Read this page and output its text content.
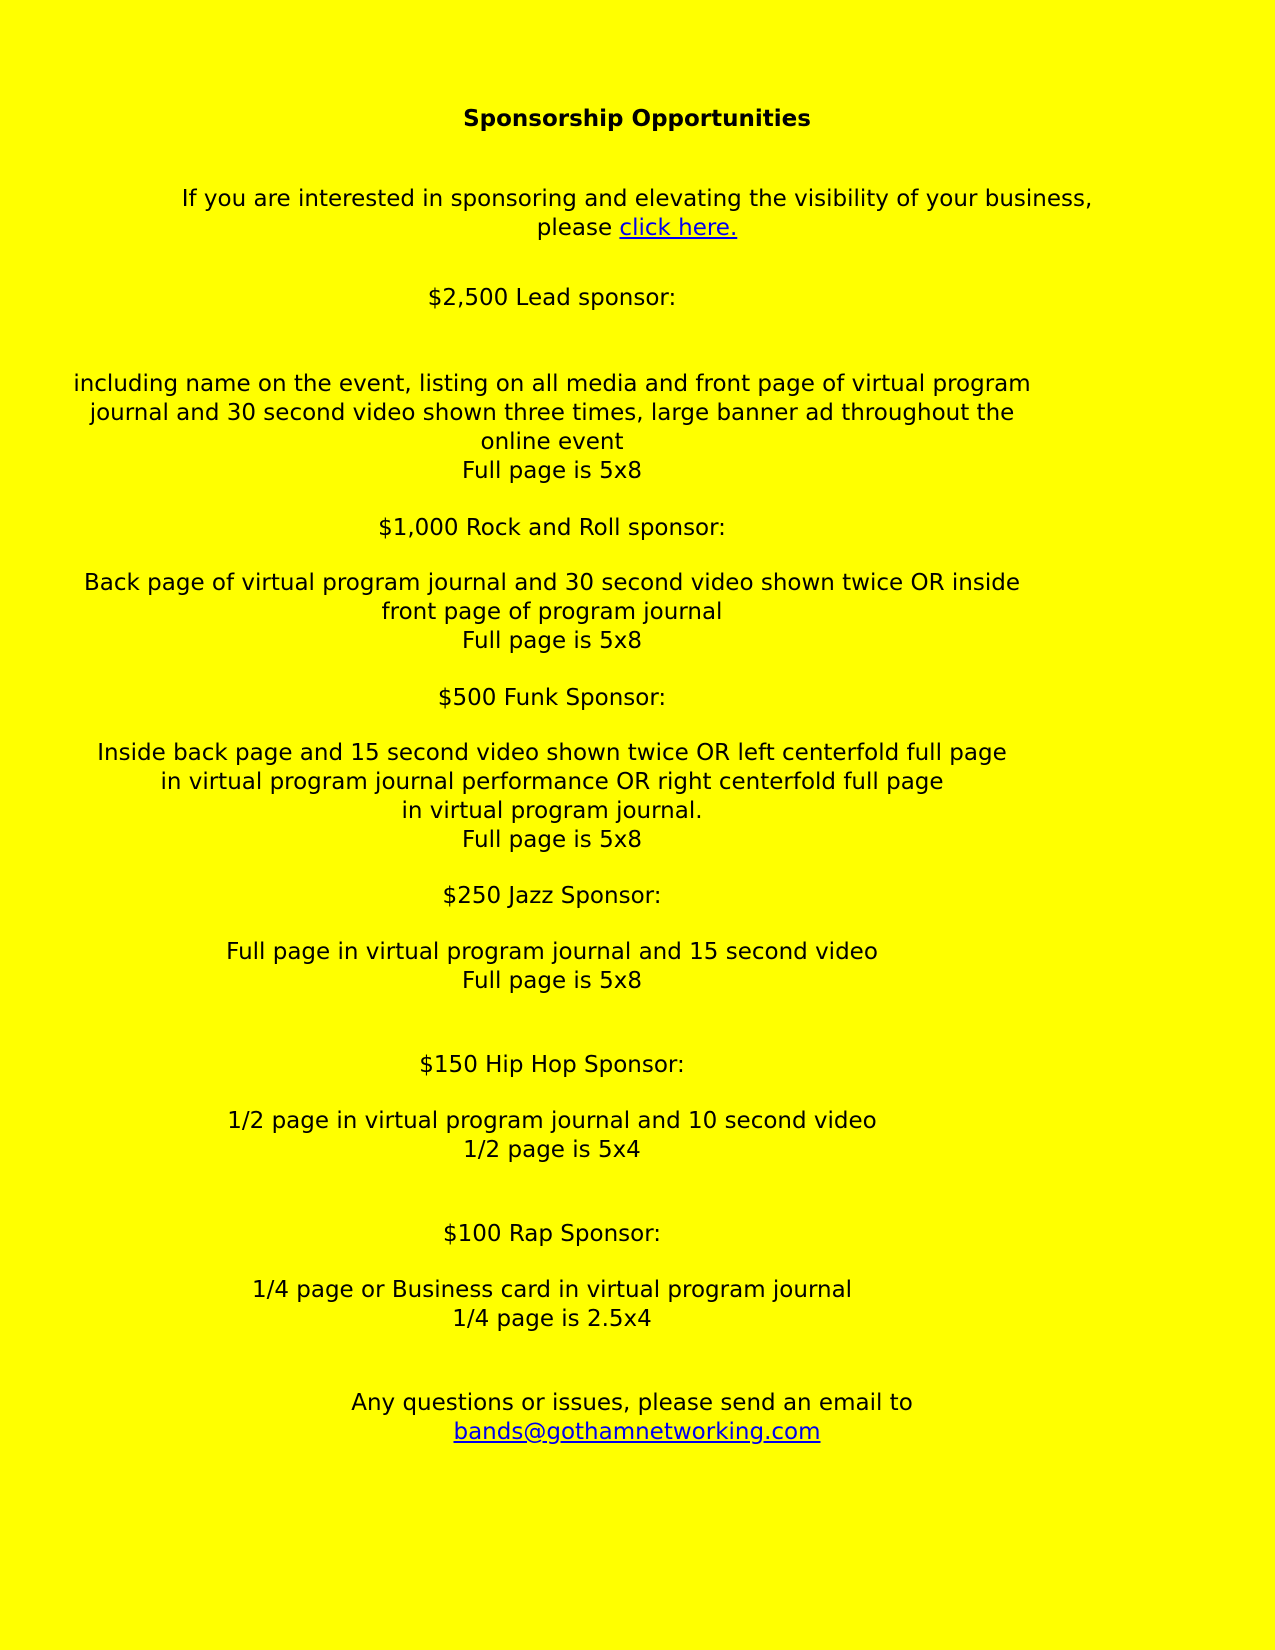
Sponsorship Opportunities
If you are interested in sponsoring and elevating the visibility of your business,
please click here.
$2,500 Lead sponsor:
including name on the event, listing on all media and front page of virtual program
journal and 30 second video shown three times, large banner ad throughout the
online event
Full page is 5x8
$1,000 Rock and Roll sponsor:
Back page of virtual program journal and 30 second video shown twice OR inside
front page of program journal
Full page is 5x8
$500 Funk Sponsor:
Inside back page and 15 second video shown twice OR left centerfold full page
in virtual program journal performance OR right centerfold full page
in virtual program journal.
Full page is 5x8
$250 Jazz Sponsor:
Full page in virtual program journal and 15 second video
Full page is 5x8
$150 Hip Hop Sponsor:
1/2 page in virtual program journal and 10 second video
1/2 page is 5x4
$100 Rap Sponsor:
1/4 page or Business card in virtual program journal
1/4 page is 2.5x4
Any questions or issues, please send an email to
bands@gothamnetworking.com
